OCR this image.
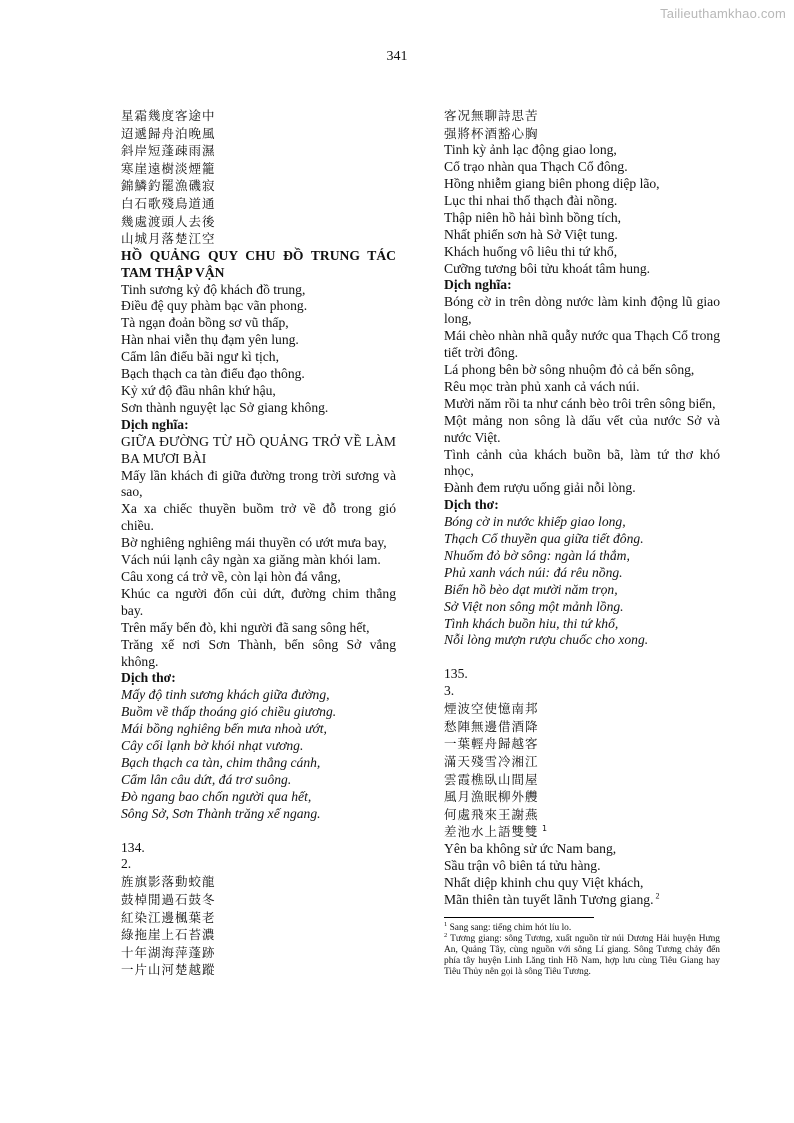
Tailieuthamkhao.com
341

星霜幾度客途中

迢遞歸舟泊晚風

斜岸短蓬疎雨濕

寒崖遠樹淡煙籠

錦鱗釣罷漁磯寂

白石歌殘鳥道通

幾處渡頭人去後

山城月落楚江空

HỒ QUẢNG QUY CHU ĐỒ TRUNG TÁC TAM THẬP VẬN

Tinh sương kỷ độ khách đồ trung,

Điều đệ quy phàm bạc vãn phong.

Tà ngạn đoản bồng sơ vũ thấp,

Hàn nhai viễn thụ đạm yên lung.

Cẩm lân điếu bãi ngư kì tịch,

Bạch thạch ca tàn điểu đạo thông.

Kỷ xứ độ đầu nhân khứ hậu,

Sơn thành nguyệt lạc Sở giang không.

Dịch nghĩa:

GIỮA ĐƯỜNG TỪ HỒ QUẢNG TRỞ VỀ LÀM BA MƯƠI BÀI

Mấy lần khách đi giữa đường trong trời sương và sao,

Xa xa chiếc thuyền buồm trở về đỗ trong gió chiều.

Bờ nghiêng nghiêng mái thuyền có ướt mưa bay,

Vách núi lạnh cây ngàn xa giăng màn khói lam.

Câu xong cá trở về, còn lại hòn đá vắng,

Khúc ca người đốn củi dứt, đường chim thẳng bay.

Trên mấy bến đò, khi người đã sang sông hết,

Trăng xế nơi Sơn Thành, bến sông Sở vắng không.

Dịch thơ:

Mấy độ tinh sương khách giữa đường,

Buồm về thấp thoáng gió chiều giương.

Mái bồng nghiêng bến mưa nhoà ướt,

Cây cối lạnh bờ khói nhạt vương.

Bạch thạch ca tàn, chim thẳng cánh,

Cẩm lân câu dứt, đá trơ suông.

Đò ngang bao chốn người qua hết,

Sông Sở, Sơn Thành trăng xế ngang.

134.

2.

旌旗影落動蛟龍

鼓棹閒過石鼓冬

紅染江邊楓葉老

綠拖崖上石苔濃

十年湖海萍蓬跡

一片山河楚越蹤

客况無聊詩思苦

强將杯酒豁心胸

Tinh kỳ ảnh lạc động giao long,

Cổ trạo nhàn qua Thạch Cổ đông.

Hồng nhiễm giang biên phong diệp lão,

Lục thi nhai thổ thạch đài nồng.

Thập niên hồ hải bình bồng tích,

Nhất phiến sơn hà Sở Việt tung.

Khách huống vô liêu thi tứ khổ,

Cưỡng tương bôi tửu khoát tâm hung.

Dịch nghĩa:

Bóng cờ in trên dòng nước làm kinh động lũ giao long,

Mái chèo nhàn nhã quẫy nước qua Thạch Cổ trong tiết trời đông.

Lá phong bên bờ sông nhuộm đỏ cả bến sông,

Rêu mọc tràn phủ xanh cả vách núi.

Mười năm rồi ta như cánh bèo trôi trên sông biển,

Một mảng non sông là dấu vết của nước Sở và nước Việt.

Tình cảnh của khách buồn bã, làm tứ thơ khó nhọc,

Đành đem rượu uống giải nỗi lòng.

Dịch thơ:

Bóng cờ in nước khiếp giao long,

Thạch Cổ thuyền qua giữa tiết đông.

Nhuốm đỏ bờ sông: ngàn lá thắm,

Phủ xanh vách núi: đá rêu nồng.

Biển hồ bèo dạt mười năm trọn,

Sở Việt non sông một mảnh lồng.

Tình khách buồn hiu, thi tứ khổ,

Nỗi lòng mượn rượu chuốc cho xong.

135.

3.

煙波空使憶南邦

愁陣無邊借酒降

一葉輕舟歸越客

滿天殘雪冷湘江

雲霞樵臥山間屋

風月漁眠柳外艭

何處飛來王謝燕

差池水上語雙雙 $^1$

Yên ba không sử ức Nam bang,

Sầu trận vô biên tá tửu hàng.

Nhất diệp khinh chu quy Việt khách,

Mãn thiên tàn tuyết lãnh Tương giang. $^2$

$^1$ Sang sang: tiếng chim hót líu lo.

$^2$ Tương giang: sông Tương, xuất nguồn từ núi Dương Hải huyện Hưng An, Quảng Tây, cùng nguồn với sông Lí giang. Sông Tương chảy đến phía tây huyện Linh Lăng tỉnh Hồ Nam, hợp lưu cùng Tiêu Giang hay Tiêu Thủy nên gọi là sông Tiêu Tương.
